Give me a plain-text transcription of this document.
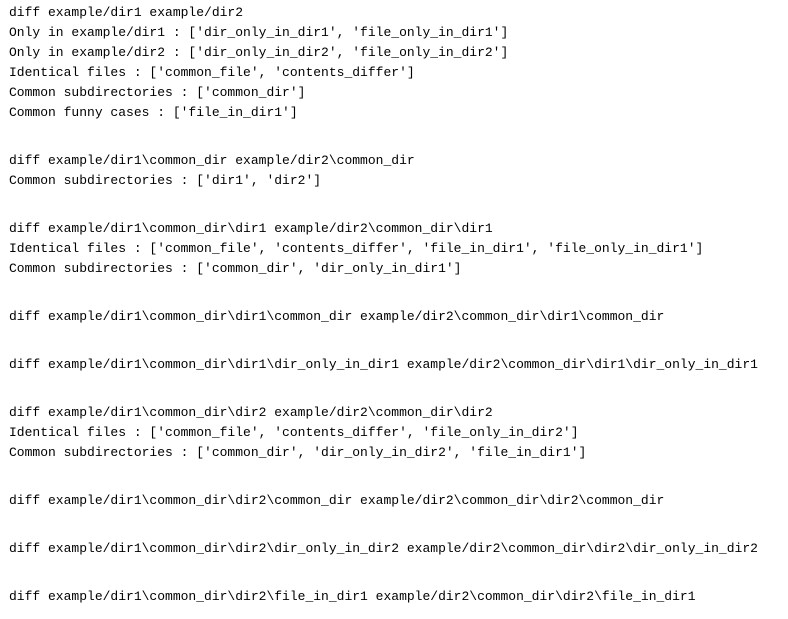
diff example/dir1 example/dir2
Only in example/dir1 : ['dir_only_in_dir1', 'file_only_in_dir1']
Only in example/dir2 : ['dir_only_in_dir2', 'file_only_in_dir2']
Identical files : ['common_file', 'contents_differ']
Common subdirectories : ['common_dir']
Common funny cases : ['file_in_dir1']
diff example/dir1\common_dir example/dir2\common_dir
Common subdirectories : ['dir1', 'dir2']
diff example/dir1\common_dir\dir1 example/dir2\common_dir\dir1
Identical files : ['common_file', 'contents_differ', 'file_in_dir1', 'file_only_in_dir1']
Common subdirectories : ['common_dir', 'dir_only_in_dir1']
diff example/dir1\common_dir\dir1\common_dir example/dir2\common_dir\dir1\common_dir
diff example/dir1\common_dir\dir1\dir_only_in_dir1 example/dir2\common_dir\dir1\dir_only_in_dir1
diff example/dir1\common_dir\dir2 example/dir2\common_dir\dir2
Identical files : ['common_file', 'contents_differ', 'file_only_in_dir2']
Common subdirectories : ['common_dir', 'dir_only_in_dir2', 'file_in_dir1']
diff example/dir1\common_dir\dir2\common_dir example/dir2\common_dir\dir2\common_dir
diff example/dir1\common_dir\dir2\dir_only_in_dir2 example/dir2\common_dir\dir2\dir_only_in_dir2
diff example/dir1\common_dir\dir2\file_in_dir1 example/dir2\common_dir\dir2\file_in_dir1
